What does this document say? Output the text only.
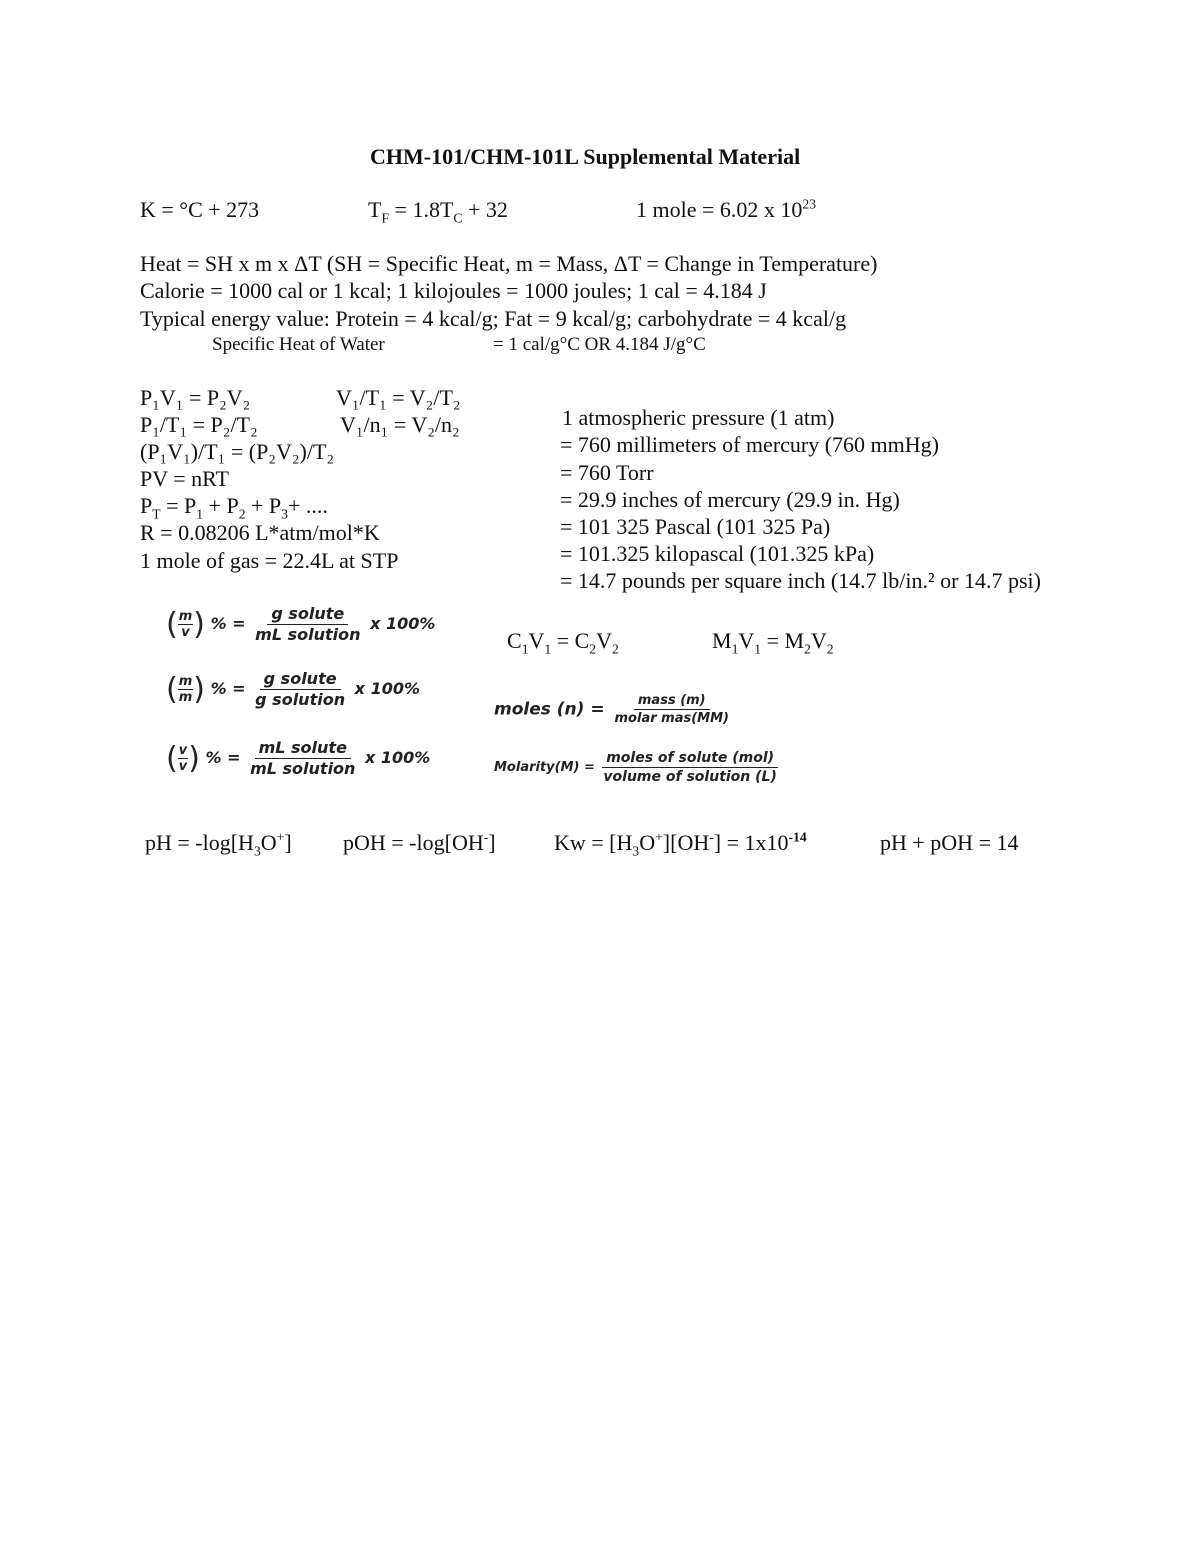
CHM-101/CHM-101L Supplemental Material
K = °C + 273	$T_F = 1.8T_C + 32$	1 mole = 6.02 x $10^{23}$
Heat = SH x m x ΔT (SH = Specific Heat, m = Mass, ΔT = Change in Temperature)
Calorie = 1000 cal or 1 kcal; 1 kilojoules = 1000 joules; 1 cal = 4.184 J
Typical energy value: Protein = 4 kcal/g; Fat = 9 kcal/g; carbohydrate = 4 kcal/g
Specific Heat of Water	= 1 cal/g°C OR 4.184 J/g°C
P₁V₁ = P₂V₂	V₁/T₁ = V₂/T₂
P₁/T₁ = P₂/T₂	V₁/n₁ = V₂/n₂
(P₁V₁)/T₁ = (P₂V₂)/T₂
PV = nRT
$P_T = P_1 + P_2 + P_3+$ ....
R = 0.08206 L*atm/mol*K
1 mole of gas = 22.4L at STP
1 atmospheric pressure (1 atm)
= 760 millimeters of mercury (760 mmHg)
= 760 Torr
= 29.9 inches of mercury (29.9 in. Hg)
= 101 325 Pascal (101 325 Pa)
= 101.325 kilopascal (101.325 kPa)
= 14.7 pounds per square inch (14.7 lb/in.² or 14.7 psi)
( $\frac{m}{v}$ ) % = $\frac{\text{g solute}}{\text{mL solution}}$ x 100%
( $\frac{m}{m}$ ) % = $\frac{\text{g solute}}{\text{g solution}}$ x 100%
( $\frac{v}{v}$ ) % = $\frac{\text{mL solute}}{\text{mL solution}}$ x 100%
$C_1V_1 = C_2V_2$	$M_1V_1 = M_2V_2$
moles $(n) = \frac{\text{mass (m)}}{\text{molar mas(MM)}}$
Molarity(M) = $\frac{\text{moles of solute (mol)}}{\text{volume of solution (L)}}$
pH = $-\log[H_3O^+]$ pOH = -log[OH-]	$Kw = [H_3O^+][OH^-] = 1x10^{-14}$	pH + pOH = 14
